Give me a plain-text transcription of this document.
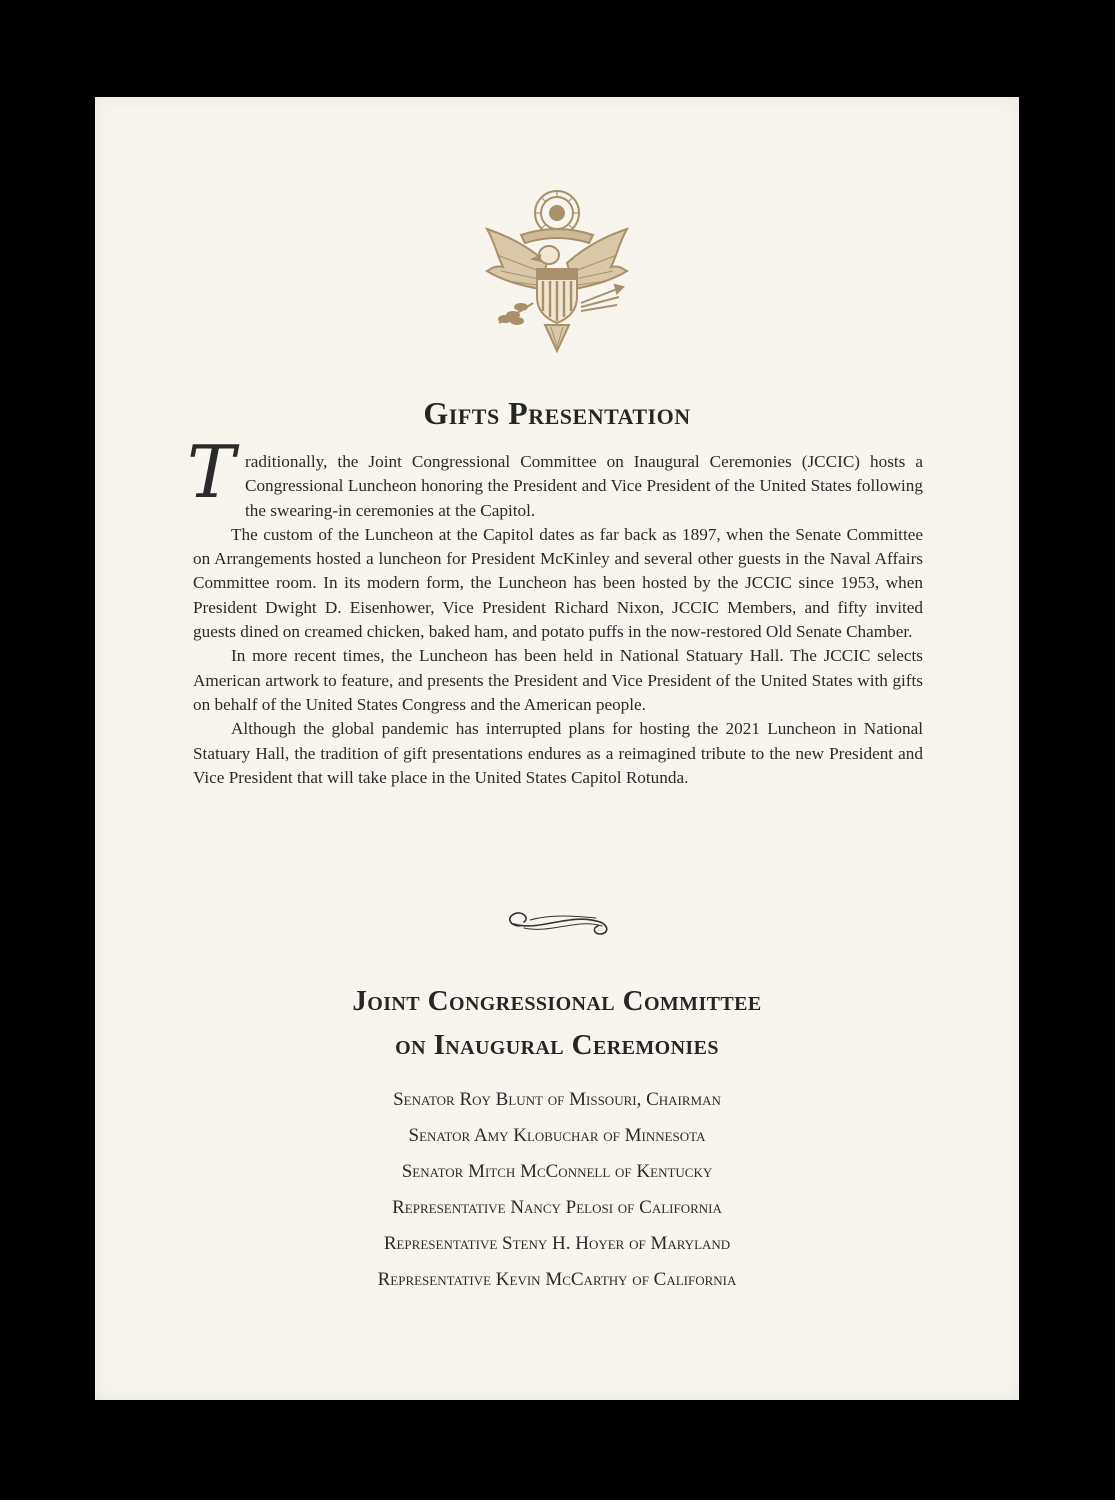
Gifts Presentation

Traditionally, the Joint Congressional Committee on Inaugural Ceremonies (JCCIC) hosts a Congressional Luncheon honoring the President and Vice President of the United States following the swearing-in ceremonies at the Capitol.

The custom of the Luncheon at the Capitol dates as far back as 1897, when the Senate Committee on Arrangements hosted a luncheon for President McKinley and several other guests in the Naval Affairs Committee room. In its modern form, the Luncheon has been hosted by the JCCIC since 1953, when President Dwight D. Eisenhower, Vice President Richard Nixon, JCCIC Members, and fifty invited guests dined on creamed chicken, baked ham, and potato puffs in the now-restored Old Senate Chamber.

In more recent times, the Luncheon has been held in National Statuary Hall. The JCCIC selects American artwork to feature, and presents the President and Vice President of the United States with gifts on behalf of the United States Congress and the American people.

Although the global pandemic has interrupted plans for hosting the 2021 Luncheon in National Statuary Hall, the tradition of gift presentations endures as a reimagined tribute to the new President and Vice President that will take place in the United States Capitol Rotunda.

Joint Congressional Committee
on Inaugural Ceremonies
Senator Roy Blunt of Missouri, Chairman
Senator Amy Klobuchar of Minnesota
Senator Mitch McConnell of Kentucky
Representative Nancy Pelosi of California
Representative Steny H. Hoyer of Maryland
Representative Kevin McCarthy of California
